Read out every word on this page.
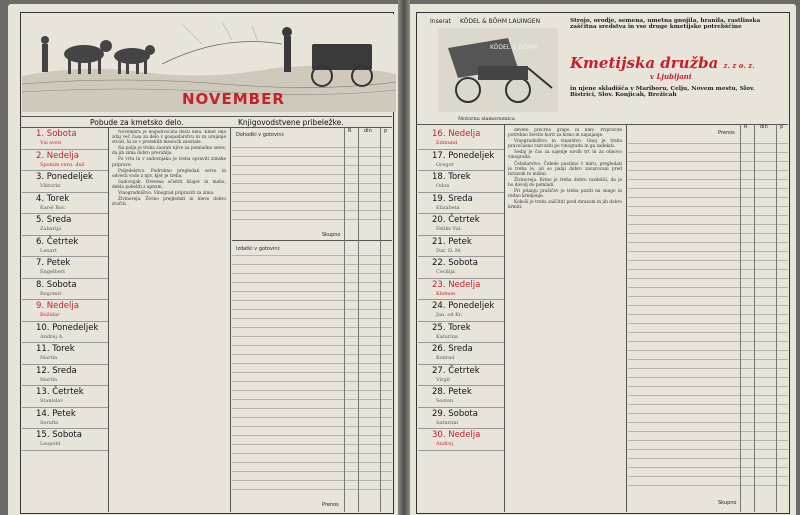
NOVEMBER
Pobude za kmetsko delo.	Knjigovodstvene pribeležke.
1. Sobota
Vsi sveti
2. Nedelja
Spomin vern. duš
3. Ponedeljek
Viktorin
4. Torek
Karel Bor.
5. Sreda
Zaharija
6. Četrtek
Lenart
7. Petek
Engelbert
8. Sobota
Bogomir
9. Nedelja
Božidar
10. Ponedeljek
Andrej A.
11. Torek
Martin
12. Sreda
Martin
13. Četrtek
Stanislav
14. Petek
Serafin
15. Sobota
Leopold

Novembra je dogodivščina dosti dela. Kmet ima zdaj več časa za delo v gospodarstvu in za urejanje stvari, ki so v preteklih mesecih zaostale.

Na polju je treba zaorati njive za pomladno setev, da jih zima dobro prerahlja.

Po vrtu in v sadovnjaku je treba opraviti zimske priprave.

Poljedelstvo. Podrobno pregledati setve in odvesti vodo z njiv, kjer je treba.

Sadovnjak. Drevesa očistiti lišajev in mahu, debla pobeliti z apnom.

Vinogradništvo. Vinograd pripraviti za zimo.

Živinoreja. Živino pregledati in hleve dobro zračiti.

Dohodki v gotovini:
R	din p
Skupno
Izdatki v gotovini:
Prenos
Inserat KÖDEL & BÖHM LAUINGEN
KÖDEL & BÖHM
Motorna slamoreznica
Strojo, orodje, semena, umetna gnojila, hranila, rastlinska zaščitna sredstva in vse druge kmetijske potrebščine
Kmetijska družba z. z o. z.
v Ljubljani
in njene skladišča v Mariboru, Celju, Novem mestu, Slov. Bistrici, Slov. Konjicah, Brežicah
16. Nedelja
Edmund
17. Ponedeljek
Gregor
18. Torek
Odon
19. Sreda
Elizabeta
20. Četrtek
Feliks Val.
21. Petek
Dar. D. M.
22. Sobota
Cecilija
23. Nedelja
Klemen
24. Ponedeljek
Jan. od Kr.
25. Torek
Katarina
26. Sreda
Konrad
27. Četrtek
Virgil
28. Petek
Sosten
29. Sobota
Saturnin
30. Nedelja
Andrej

devete prečrno grapo in hlev. Pripravite potrebno število korit za krmo in napajanje.

Vinogradništvo in vinarstvo. Gnoj je treba pravočasno razvoziti po vinogradu in ga zadelati.

Sedaj je čas za sajenje novih trt in za obnovo vinograda.

Čebelarstvo. Čebele pustimo v miru, pregledati je treba le, ali so panji dobro zavarovani pred mrazom in mišmi.

Živinoreja. Krmo je treba dobro razdeliti, da je bo dovolj do pomladi.

Pri pitanju prašičev je treba paziti na snago in redno krmljenje.

Kokoši je treba zaščititi pred mrazom in jih dobro krmiti.

R	din p
Prenos
Skupno
